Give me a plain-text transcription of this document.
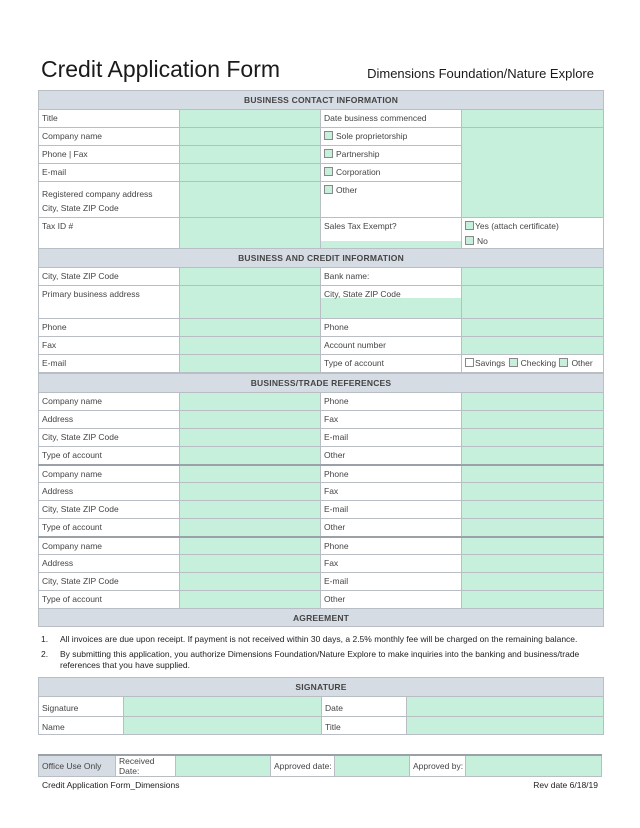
Credit Application Form	Dimensions Foundation/Nature Explore
BUSINESS CONTACT INFORMATION			
Title		Date business commenced	
Company name		Sole proprietorship	
Phone | Fax		Partnership	
E-mail		Corporation	

Registered company address
City, State ZIP Code		Other	
Tax ID #		Sales Tax Exempt?	Yes (attach certificate)
No
BUSINESS AND CREDIT INFORMATION			
City, State ZIP Code		Bank name:	
Primary business address		City, State ZIP Code	

Phone		Phone	
Fax		Account number	
E-mail		Type of account	Savings Checking Other
BUSINESS/TRADE REFERENCES			
Company name		Phone	
Address		Fax	
City, State ZIP Code		E-mail	
Type of account		Other	
Company name		Phone	
Address		Fax	
City, State ZIP Code		E-mail	
Type of account		Other	
Company name		Phone	
Address		Fax	
City, State ZIP Code		E-mail	
Type of account		Other	
AGREEMENT			
1. All invoices are due upon receipt. If payment is not received within 30 days, a 2.5% monthly fee will be charged on the remaining balance.
2. By submitting this application, you authorize Dimensions Foundation/Nature Explore to make inquiries into the banking and business/trade references that you have supplied.
SIGNATURE			
Signature		Date	
Name		Title	
Office Use Only	Received Date:	Approved date:	Approved by:
Credit Application Form_Dimensions	Rev date 6/18/19
